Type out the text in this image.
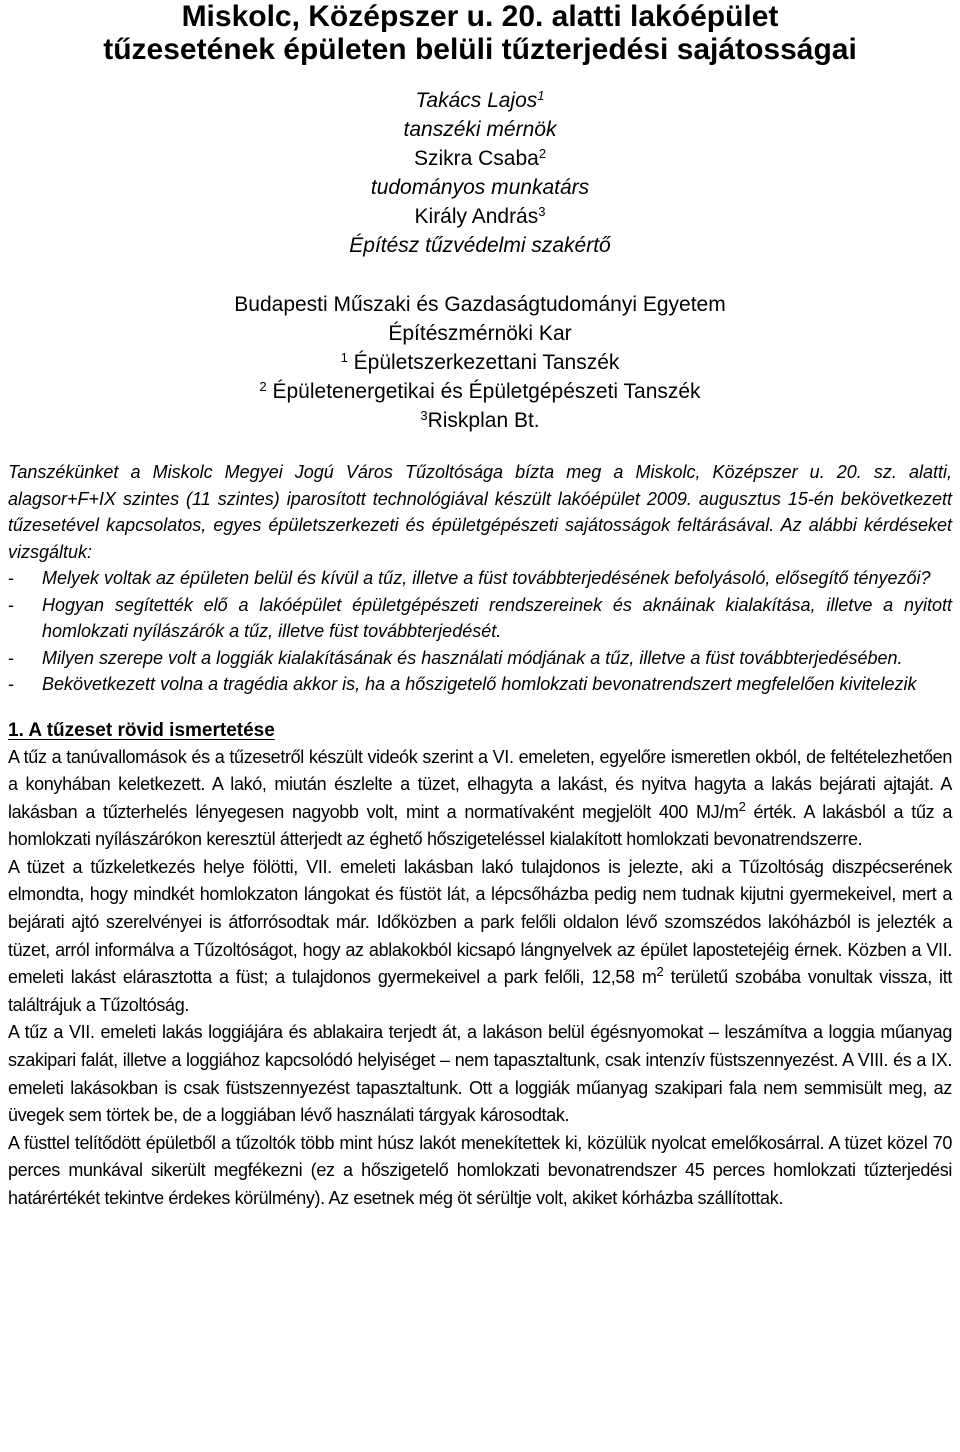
Miskolc, Középszer u. 20. alatti lakóépület

tűzesetének épületen belüli tűzterjedési sajátosságai

Takács Lajos$^1$
tanszéki mérnök
Szikra Csaba$^2$
tudományos munkatárs
Király András$^3$
Építész tűzvédelmi szakértő
Budapesti Műszaki és Gazdaságtudományi Egyetem
Építészmérnöki Kar
$^1$ Épületszerkezettani Tanszék
$^2$ Épületenergetikai és Épületgépészeti Tanszék
$^3$Riskplan Bt.
Tanszékünket a Miskolc Megyei Jogú Város Tűzoltósága bízta meg a Miskolc, Középszer u. 20. sz. alatti, alagsor+F+IX szintes (11 szintes) iparosított technológiával készült lakóépület 2009. augusztus 15-én bekövetkezett tűzesetével kapcsolatos, egyes épületszerkezeti és épületgépészeti sajátosságok feltárásával. Az alábbi kérdéseket vizsgáltuk:
- Melyek voltak az épületen belül és kívül a tűz, illetve a füst továbbterjedésének befolyásoló, elősegítő tényezői?
- Hogyan segítették elő a lakóépület épületgépészeti rendszereinek és aknáinak kialakítása, illetve a nyitott homlokzati nyílászárók a tűz, illetve füst továbbterjedését.
- Milyen szerepe volt a loggiák kialakításának és használati módjának a tűz, illetve a füst továbbterjedésében.
- Bekövetkezett volna a tragédia akkor is, ha a hőszigetelő homlokzati bevonatrendszert megfelelően kivitelezik
1. A tűzeset rövid ismertetése

A tűz a tanúvallomások és a tűzesetről készült videók szerint a VI. emeleten, egyelőre ismeretlen okból, de feltételezhetően a konyhában keletkezett. A lakó, miután észlelte a tüzet, elhagyta a lakást, és nyitva hagyta a lakás bejárati ajtaját. A lakásban a tűzterhelés lényegesen nagyobb volt, mint a normatívaként megjelölt 400 $MJ/m^2$ érték. A lakásból a tűz a homlokzati nyílászárókon keresztül átterjedt az éghető hőszigeteléssel kialakított homlokzati bevonatrendszerre.

A tüzet a tűzkeletkezés helye fölötti, VII. emeleti lakásban lakó tulajdonos is jelezte, aki a Tűzoltóság diszpécserének elmondta, hogy mindkét homlokzaton lángokat és füstöt lát, a lépcsőházba pedig nem tudnak kijutni gyermekeivel, mert a bejárati ajtó szerelvényei is átforrósodtak már. Időközben a park felőli oldalon lévő szomszédos lakóházból is jelezték a tüzet, arról informálva a Tűzoltóságot, hogy az ablakokból kicsapó lángnyelvek az épület lapostetejéig érnek. Közben a VII. emeleti lakást elárasztotta a füst; a tulajdonos gyermekeivel a park felőli, 12,58 $m^2$ területű szobába vonultak vissza, itt találtrájuk a Tűzoltóság.

A tűz a VII. emeleti lakás loggiájára és ablakaira terjedt át, a lakáson belül égésnyomokat – leszámítva a loggia műanyag szakipari falát, illetve a loggiához kapcsolódó helyiséget – nem tapasztaltunk, csak intenzív füstszennyezést. A VIII. és a IX. emeleti lakásokban is csak füstszennyezést tapasztaltunk. Ott a loggiák műanyag szakipari fala nem semmisült meg, az üvegek sem törtek be, de a loggiában lévő használati tárgyak károsodtak.

A füsttel telítődött épületből a tűzoltók több mint húsz lakót menekítettek ki, közülük nyolcat emelőkosárral. A tüzet közel 70 perces munkával sikerült megfékezni (ez a hőszigetelő homlokzati bevonatrendszer 45 perces homlokzati tűzterjedési határértékét tekintve érdekes körülmény). Az esetnek még öt sérültje volt, akiket kórházba szállítottak.
